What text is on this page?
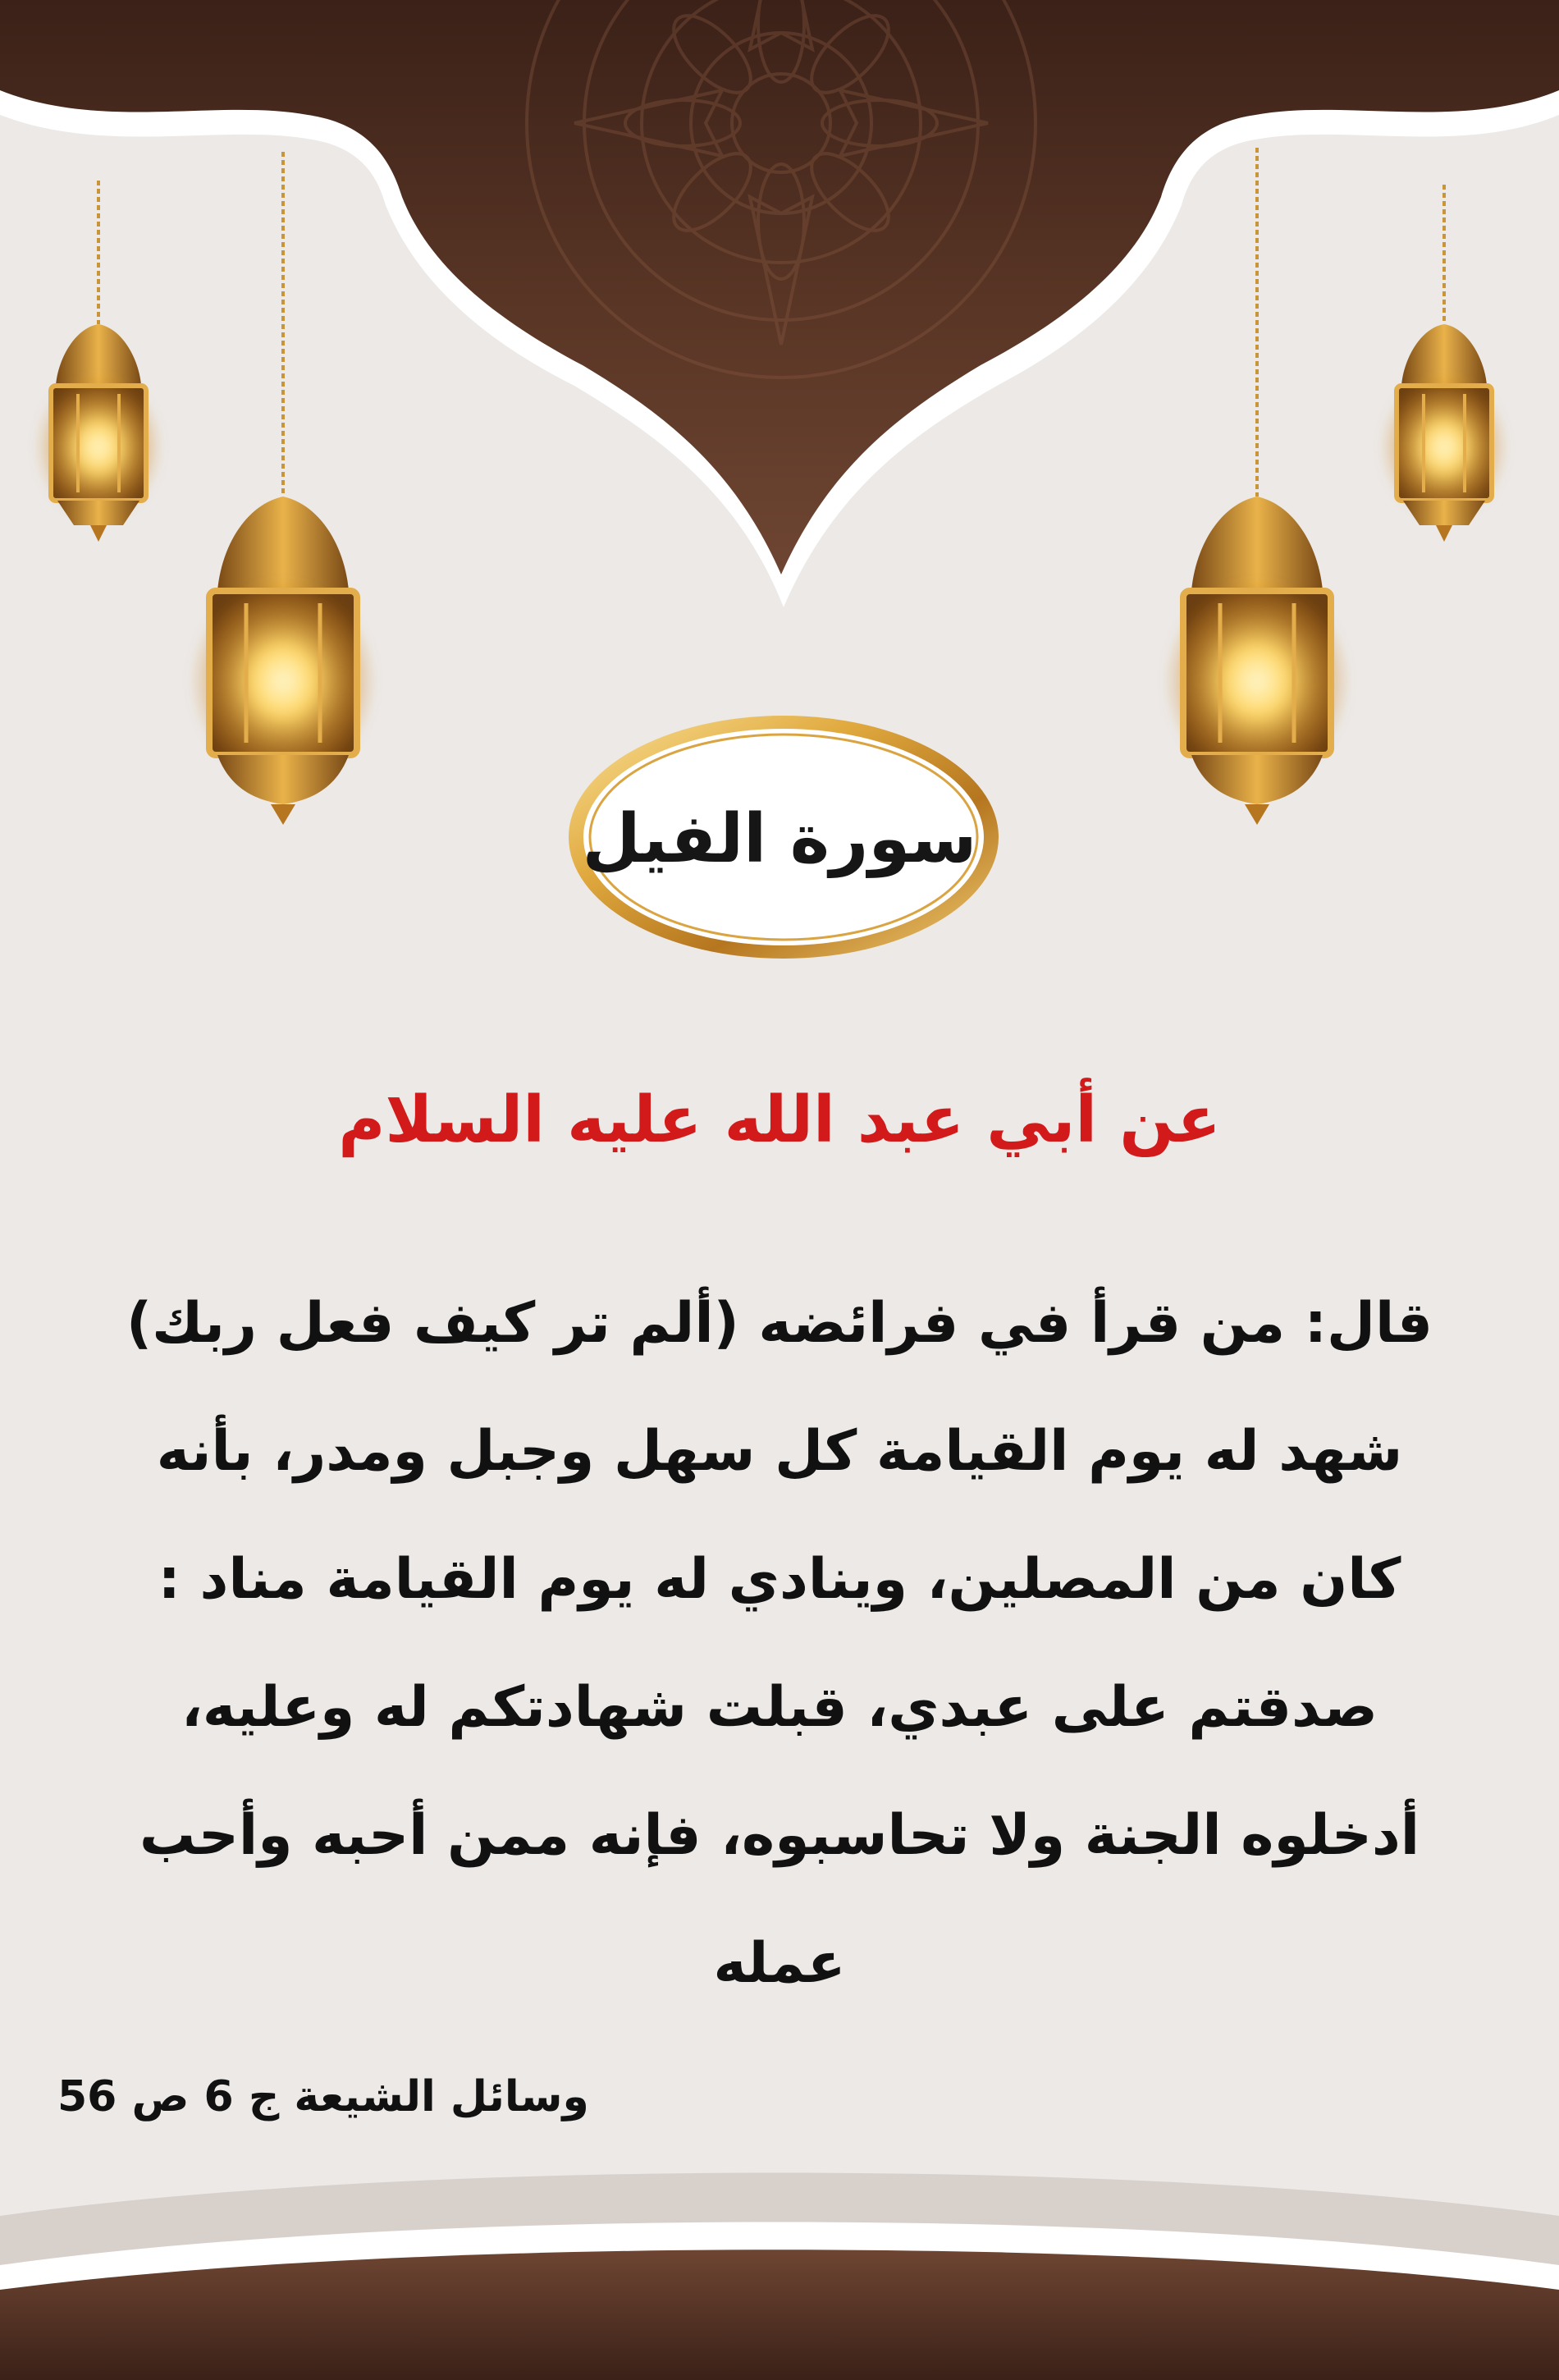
سورة الفيل
عن أبي عبد الله عليه السلام
قال: من قرأ في فرائضه (ألم تر كيف فعل ربك)
شهد له يوم القيامة كل سهل وجبل ومدر، بأنه
كان من المصلين، وينادي له يوم القيامة مناد :
صدقتم على عبدي، قبلت شهادتكم له وعليه،
أدخلوه الجنة ولا تحاسبوه، فإنه ممن أحبه وأحب
عمله
وسائل الشيعة ج 6 ص 56
